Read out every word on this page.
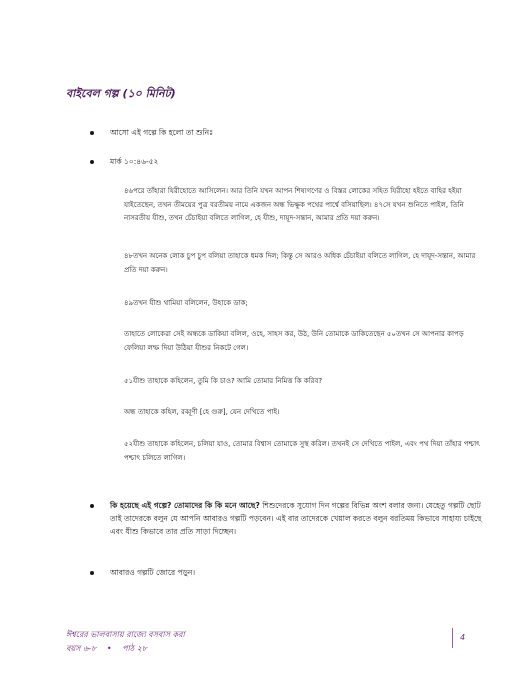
বাইবেল গল্প (১০ মিনিট)
আসো এই গল্পে কি হলো তা শুনিঃ
মার্ক ১০:৪৬-৫২
৪৬পরে তাঁহারা যিরীহোতে আসিলেন। আর তিনি যখন আপন শিষ্যগণের ও বিস্তর লোকের সহিত যিরীহো হইতে বাহির হইয়া যাইতেছেন, তখন তীময়ের পুত্র বরতীময় নামে একজন অন্ধ ভিক্ষুক পথের পার্শ্বে বসিয়াছিল। ৪৭সে যখন শুনিতে পাইল, তিনি নাসরতীয় যীশু, তখন চেঁচাইয়া বলিতে লাগিল, হে যীশু, দায়ূদ-সন্তান, আমার প্রতি দয়া করুন।
৪৮তখন অনেক লোক চুপ চুপ বলিয়া তাহাকে ধমক দিল; কিন্তু সে আরও অধিক চেঁচাইয়া বলিতে লাগিল, হে দায়ূদ-সন্তান, আমার প্রতি দয়া করুন।
৪৯তখন যীশু থামিয়া বলিলেন, উহাকে ডাক;
তাহাতে লোকেরা সেই অন্ধকে ডাকিয়া বলিল, ওহে, সাহস কর, উঠ, উনি তোমাকে ডাকিতেছেন ৫০তখন সে আপনার কাপড় ফেলিয়া লম্ফ দিয়া উঠিয়া যীশুর নিকটে গেল।
৫১যীশু তাহাকে কহিলেন, তুমি কি চাও? আমি তোমার নিমিত্ত কি করিব?
অন্ধ তাহাকে কহিল, রব্বূণী [হে গুরু], যেন দেখিতে পাই।
৫২যীশু তাহাকে কহিলেন, চলিয়া যাও, তোমার বিশ্বাস তোমাকে সুস্থ করিল। তখনই সে দেখিতে পাইল, এবং পথ দিয়া তাঁহার পশ্চাৎ পশ্চাৎ চলিতে লাগিল।
কি হয়েছে এই গল্পে? তোমাদের কি কি মনে আছে? শিশুদেরকে সুযোগ দিন গল্পের বিভিন্ন অংশ বলার জন্য। যেহেতু গল্পটি ছোট তাই তাদেরকে বলুন যে আপনি আবারও গল্পটি পড়বেন। এই বার তাদেরকে খেয়াল করতে বলুন বরতিময় কিভাবে সাহায্য চাইছে এবং যীশু কিভাবে তার প্রতি সাড়া দিচ্ছেন।
আবারও গল্পটি জোরে পড়ুন।
ঈশ্বরের ভালবাসায় রাজ্যে বসবাস করা
বয়স ৬-৮ • পাঠ ২৮
4
